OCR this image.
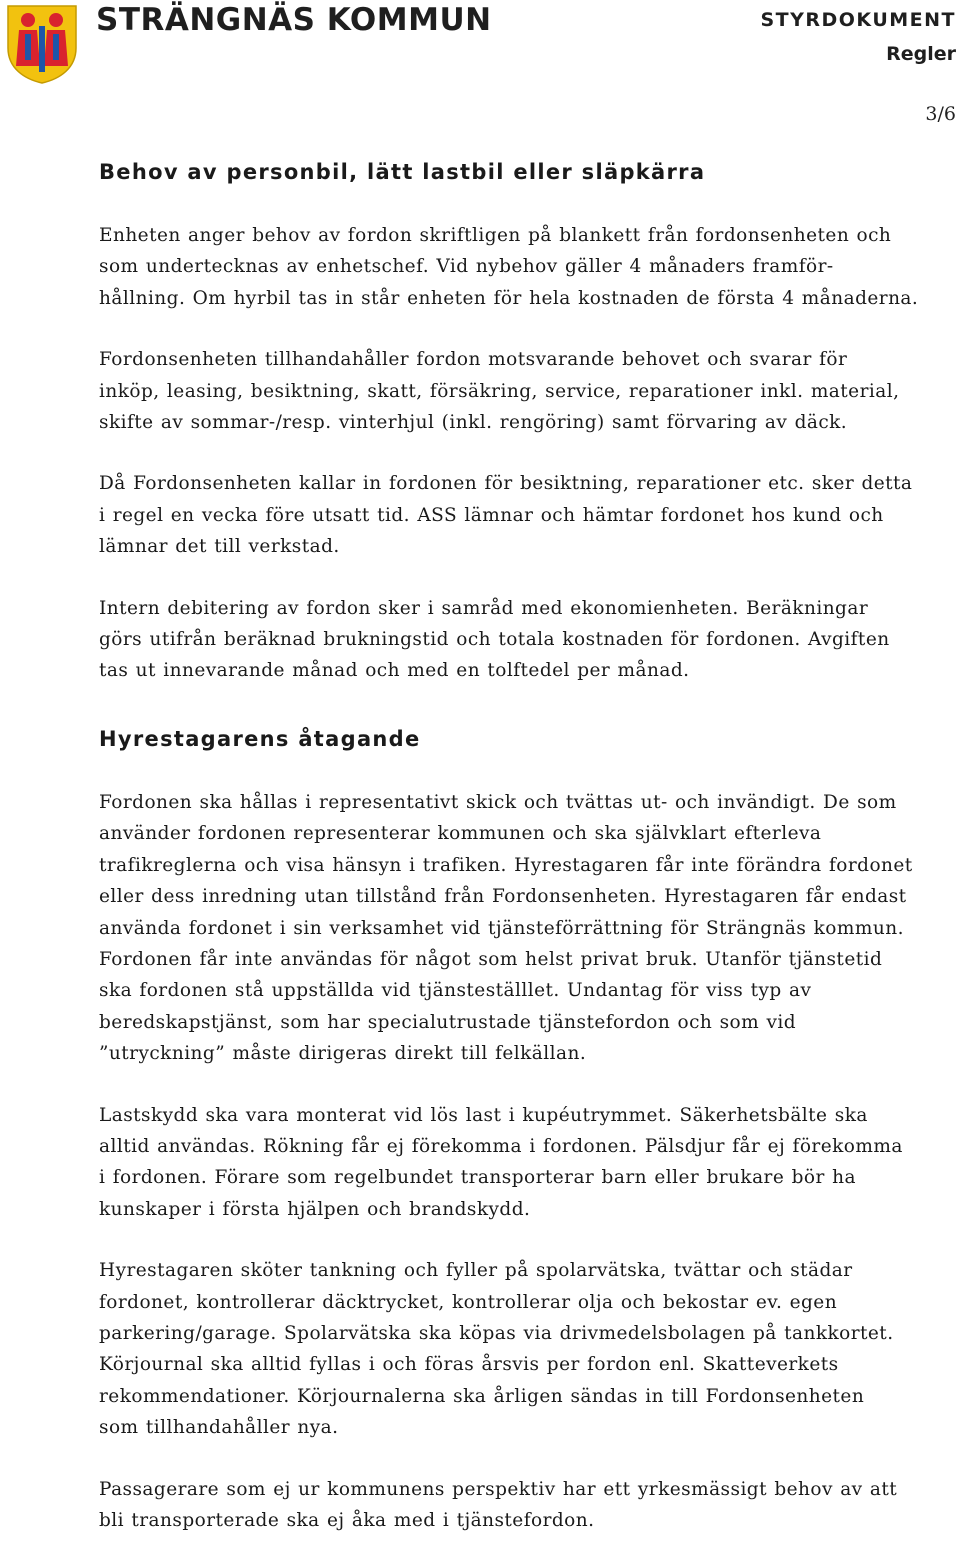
STRÄNGNÄS KOMMUN	STYRDOKUMENT
Regler
3/6
Behov av personbil, lätt lastbil eller släpkärra

Enheten anger behov av fordon skriftligen på blankett från fordonsenheten och
som undertecknas av enhetschef. Vid nybehov gäller 4 månaders framför-
hållning. Om hyrbil tas in står enheten för hela kostnaden de första 4 månaderna.

Fordonsenheten tillhandahåller fordon motsvarande behovet och svarar för
inköp, leasing, besiktning, skatt, försäkring, service, reparationer inkl. material,
skifte av sommar-/resp. vinterhjul (inkl. rengöring) samt förvaring av däck.

Då Fordonsenheten kallar in fordonen för besiktning, reparationer etc. sker detta
i regel en vecka före utsatt tid. ASS lämnar och hämtar fordonet hos kund och
lämnar det till verkstad.

Intern debitering av fordon sker i samråd med ekonomienheten. Beräkningar
görs utifrån beräknad brukningstid och totala kostnaden för fordonen. Avgiften
tas ut innevarande månad och med en tolftedel per månad.

Hyrestagarens åtagande

Fordonen ska hållas i representativt skick och tvättas ut- och invändigt. De som
använder fordonen representerar kommunen och ska självklart efterleva
trafikreglerna och visa hänsyn i trafiken. Hyrestagaren får inte förändra fordonet
eller dess inredning utan tillstånd från Fordonsenheten. Hyrestagaren får endast
använda fordonet i sin verksamhet vid tjänsteförrättning för Strängnäs kommun.
Fordonen får inte användas för något som helst privat bruk. Utanför tjänstetid
ska fordonen stå uppställda vid tjänsteställlet. Undantag för viss typ av
beredskapstjänst, som har specialutrustade tjänstefordon och som vid
”utryckning” måste dirigeras direkt till felkällan.

Lastskydd ska vara monterat vid lös last i kupéutrymmet. Säkerhetsbälte ska
alltid användas. Rökning får ej förekomma i fordonen. Pälsdjur får ej förekomma
i fordonen. Förare som regelbundet transporterar barn eller brukare bör ha
kunskaper i första hjälpen och brandskydd.

Hyrestagaren sköter tankning och fyller på spolarvätska, tvättar och städar
fordonet, kontrollerar däcktrycket, kontrollerar olja och bekostar ev. egen
parkering/garage. Spolarvätska ska köpas via drivmedelsbolagen på tankkortet.
Körjournal ska alltid fyllas i och föras årsvis per fordon enl. Skatteverkets
rekommendationer. Körjournalerna ska årligen sändas in till Fordonsenheten
som tillhandahåller nya.

Passagerare som ej ur kommunens perspektiv har ett yrkesmässigt behov av att
bli transporterade ska ej åka med i tjänstefordon.
